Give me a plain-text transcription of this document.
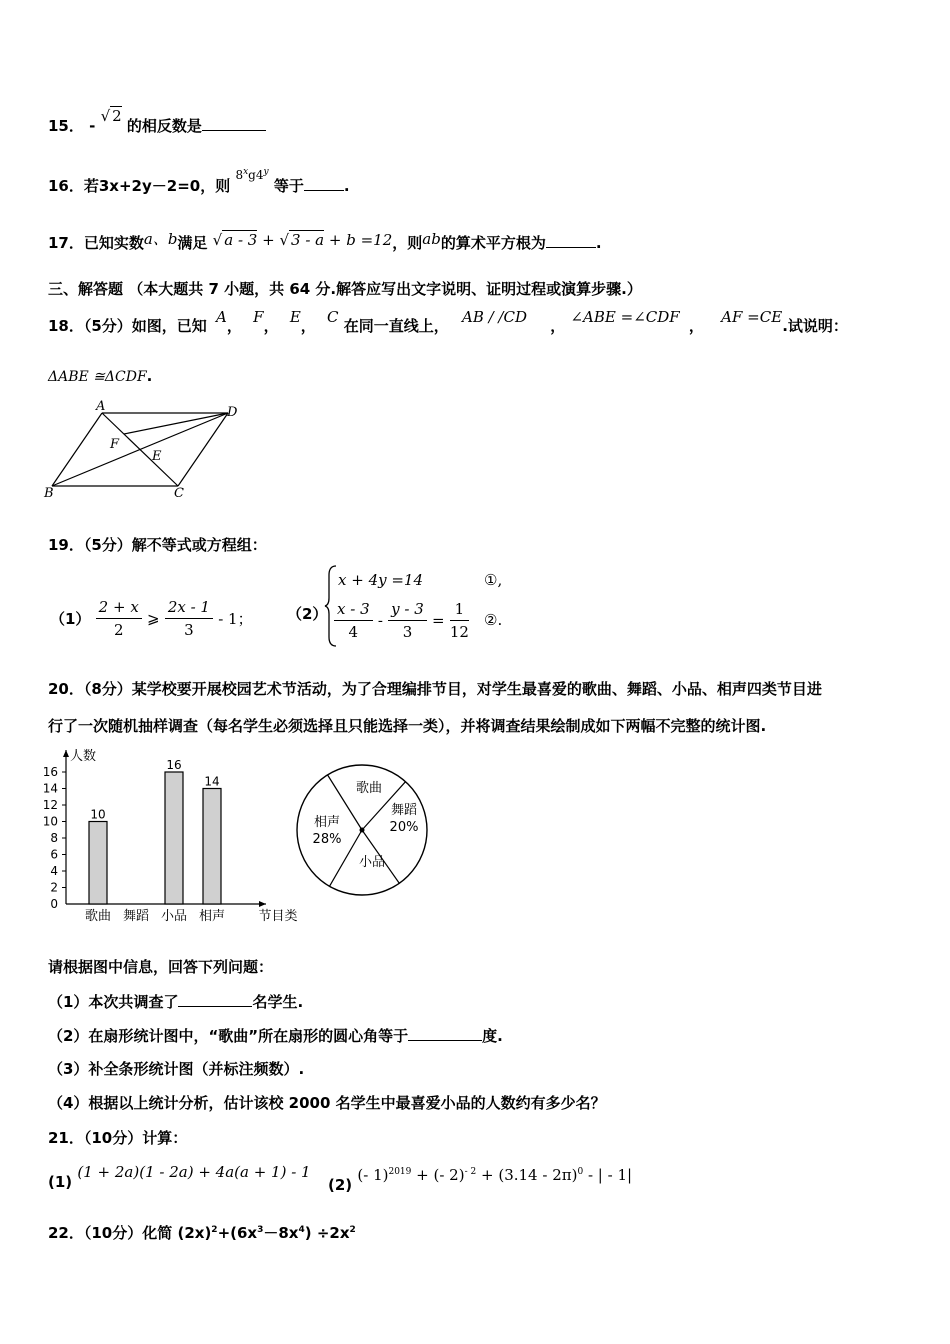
15． - √ 2 的相反数是
16．若3x+2y－2=0，则 $^{8^xg4^y}$ 等于	.
17．已知实数a、b满足 √ a - 3 + √ 3 - a + b =12，则ab的算术平方根为	.
三、解答题 （本大题共 7 小题，共 64 分.解答应写出文字说明、证明过程或演算步骤.）
18．（5分）如图，已知 A， F， E， C 在同一直线上， AB / /CD ， ∠ABE =∠CDF ， AF =CE.试说明：
ΔABE ≅ΔCDF.
A	D
F
E
B	C
19．（5分）解不等式或方程组：
$(1) \frac{2 + x}{2}$ ⩾ $\frac{2x - 1}{3} - 1$； （2）
x + 4y =14	①,
$\frac{x - 3}{4} - \frac{y - 3}{3} = \frac{1}{12}$ ②.
20．（8分）某学校要开展校园艺术节活动，为了合理编排节目，对学生最喜爱的歌曲、舞蹈、小品、相声四类节目进
行了一次随机抽样调查（每名学生必须选择且只能选择一类），并将调查结果绘制成如下两幅不完整的统计图.
0
2
4
6
8
10
12
14
16
人数
10
歌曲 舞蹈
16
小品
14
相声	节目类
歌曲
舞蹈
20%
小品
相声
28%
请根据图中信息，回答下列问题：
（1）本次共调查了	名学生.
（2）在扇形统计图中，“歌曲”所在扇形的圆心角等于	度.
（3）补全条形统计图（并标注频数）.
（4）根据以上统计分析，估计该校 2000 名学生中最喜爱小品的人数约有多少名？
21．（10分）计算：
(1) (1 + 2a)(1 - 2a) + 4a(a + 1) - 1
(2) (- 1)$^{2019}$ + (- 2)$^{- 2}$ + (3.14 - 2π)$^0$ - | - 1|
22．（10分）化简 $(2x)^2+(6x^3-8x^4) \div 2x^2$
